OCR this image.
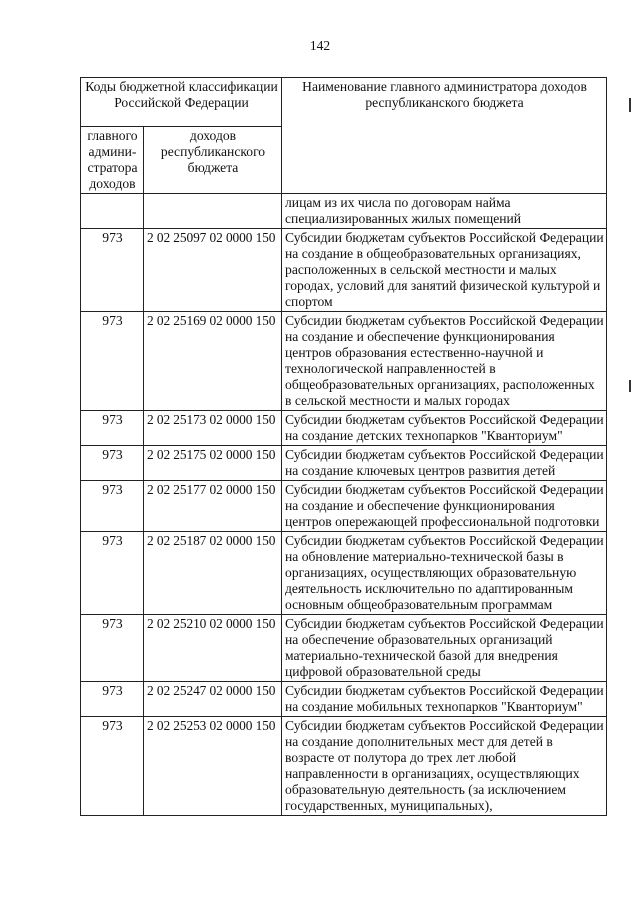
142
Коды бюджетной классификации Российской Федерации		Наименование главного администратора доходов республиканского бюджета
главного админи-стратора доходов	доходов республиканского бюджета	
		лицам из их числа по договорам найма специализированных жилых помещений
973	2 02 25097 02 0000 150	Субсидии бюджетам субъектов Российской Федерации на создание в общеобразовательных организациях, расположенных в сельской местности и малых городах, условий для занятий физической культурой и спортом
973	2 02 25169 02 0000 150	Субсидии бюджетам субъектов Российской Федерации на создание и обеспечение функционирования центров образования естественно-научной и технологической направленностей в общеобразовательных организациях, расположенных в сельской местности и малых городах
973	2 02 25173 02 0000 150	Субсидии бюджетам субъектов Российской Федерации на создание детских технопарков "Кванториум"
973	2 02 25175 02 0000 150	Субсидии бюджетам субъектов Российской Федерации на создание ключевых центров развития детей
973	2 02 25177 02 0000 150	Субсидии бюджетам субъектов Российской Федерации на создание и обеспечение функционирования центров опережающей профессиональной подготовки
973	2 02 25187 02 0000 150	Субсидии бюджетам субъектов Российской Федерации на обновление материально-технической базы в организациях, осуществляющих образовательную деятельность исключительно по адаптированным основным общеобразовательным программам
973	2 02 25210 02 0000 150	Субсидии бюджетам субъектов Российской Федерации на обеспечение образовательных организаций материально-технической базой для внедрения цифровой образовательной среды
973	2 02 25247 02 0000 150	Субсидии бюджетам субъектов Российской Федерации на создание мобильных технопарков "Кванториум"
973	2 02 25253 02 0000 150	Субсидии бюджетам субъектов Российской Федерации на создание дополнительных мест для детей в возрасте от полутора до трех лет любой направленности в организациях, осуществляющих образовательную деятельность (за исключением государственных, муниципальных),
